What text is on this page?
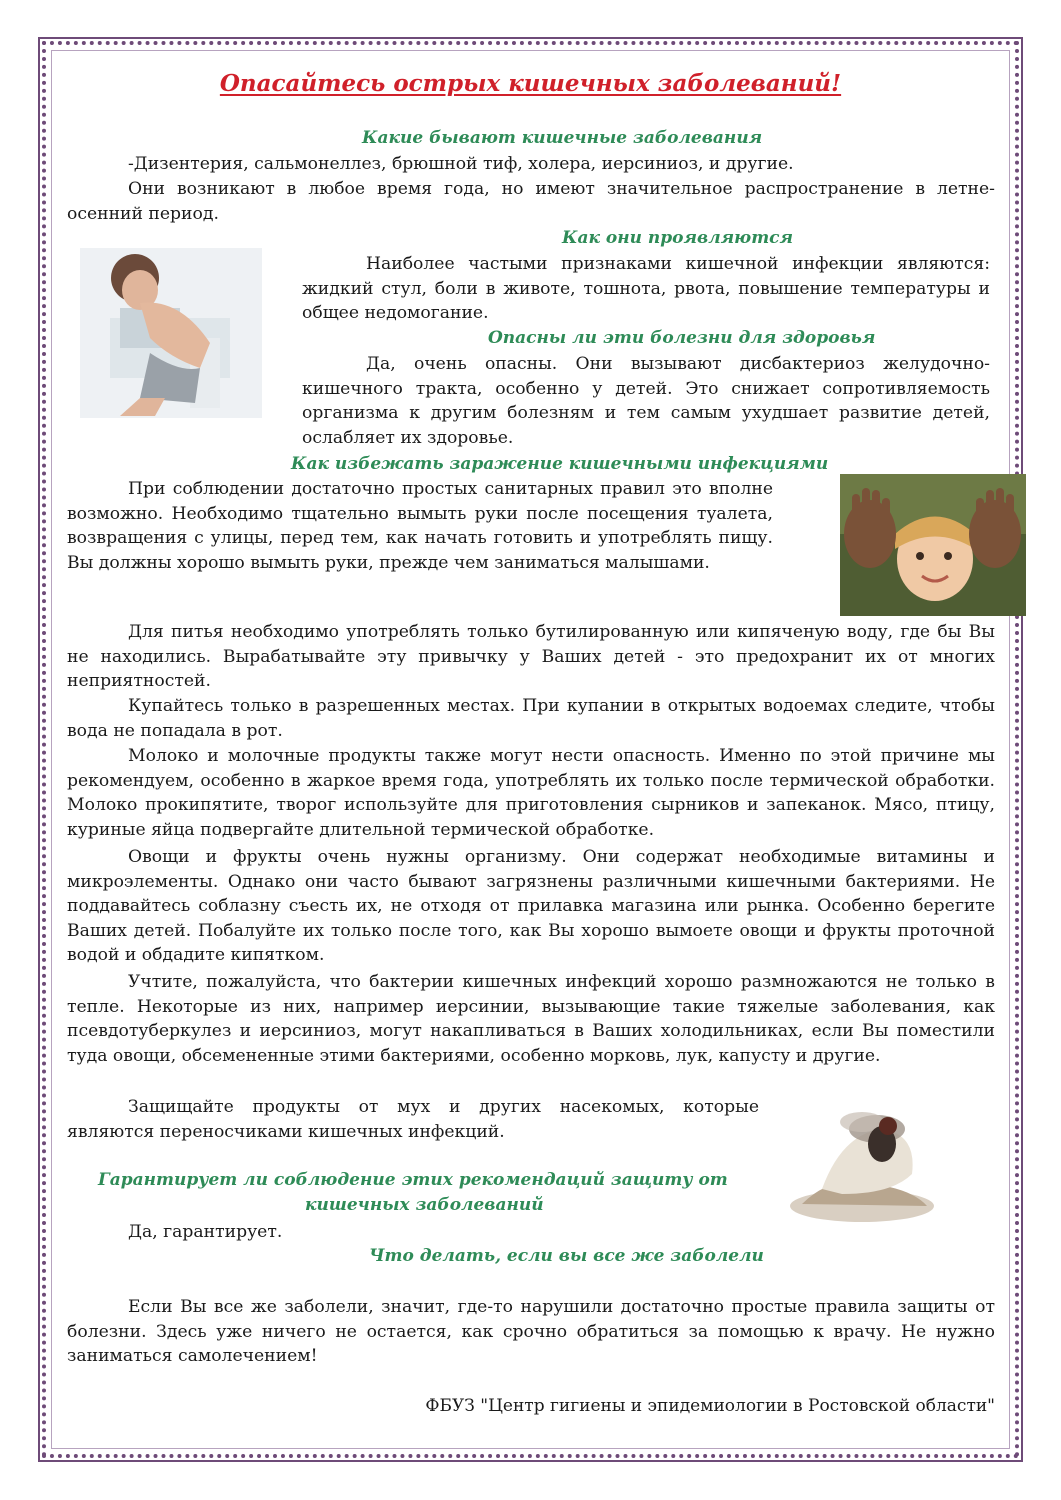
Опасайтесь острых кишечных заболеваний!
Какие бывают кишечные заболевания

-Дизентерия, сальмонеллез, брюшной тиф, холера, иерсиниоз, и другие.

Они возникают в любое время года, но имеют значительное распространение в летне-осенний период.

Как они проявляются

Наиболее частыми признаками кишечной инфекции являются: жидкий стул, боли в животе, тошнота, рвота, повышение температуры и общее недомогание.

Опасны ли эти болезни для здоровья

Да, очень опасны. Они вызывают дисбактериоз желудочно-кишечного тракта, особенно у детей. Это снижает сопротивляемость организма к другим болезням и тем самым ухудшает развитие детей, ослабляет их здоровье.

Как избежать заражение кишечными инфекциями

При соблюдении достаточно простых санитарных правил это вполне возможно. Необходимо тщательно вымыть руки после посещения туалета, возвращения с улицы, перед тем, как начать готовить и употреблять пищу. Вы должны хорошо вымыть руки, прежде чем заниматься малышами.

Для питья необходимо употреблять только бутилированную или кипяченую воду, где бы Вы не находились. Вырабатывайте эту привычку у Ваших детей - это предохранит их от многих неприятностей.

Купайтесь только в разрешенных местах. При купании в открытых водоемах следите, чтобы вода не попадала в рот.

Молоко и молочные продукты также могут нести опасность. Именно по этой причине мы рекомендуем, особенно в жаркое время года, употреблять их только после термической обработки. Молоко прокипятите, творог используйте для приготовления сырников и запеканок. Мясо, птицу, куриные яйца подвергайте длительной термической обработке.

Овощи и фрукты очень нужны организму. Они содержат необходимые витамины и микроэлементы. Однако они часто бывают загрязнены различными кишечными бактериями. Не поддавайтесь соблазну съесть их, не отходя от прилавка магазина или рынка. Особенно берегите Ваших детей. Побалуйте их только после того, как Вы хорошо вымоете овощи и фрукты проточной водой и обдадите кипятком.

Учтите, пожалуйста, что бактерии кишечных инфекций хорошо размножаются не только в тепле. Некоторые из них, например иерсинии, вызывающие такие тяжелые заболевания, как псевдотуберкулез и иерсиниоз, могут накапливаться в Ваших холодильниках, если Вы поместили туда овощи, обсемененные этими бактериями, особенно морковь, лук, капусту и другие.

Защищайте продукты от мух и других насекомых, которые являются переносчиками кишечных инфекций.

Гарантирует ли соблюдение этих рекомендаций защиту от
кишечных заболеваний

Да, гарантирует.

Что делать, если вы все же заболели

Если Вы все же заболели, значит, где-то нарушили достаточно простые правила защиты от болезни. Здесь уже ничего не остается, как срочно обратиться за помощью к врачу. Не нужно заниматься самолечением!

ФБУЗ "Центр гигиены и эпидемиологии в Ростовской области"
